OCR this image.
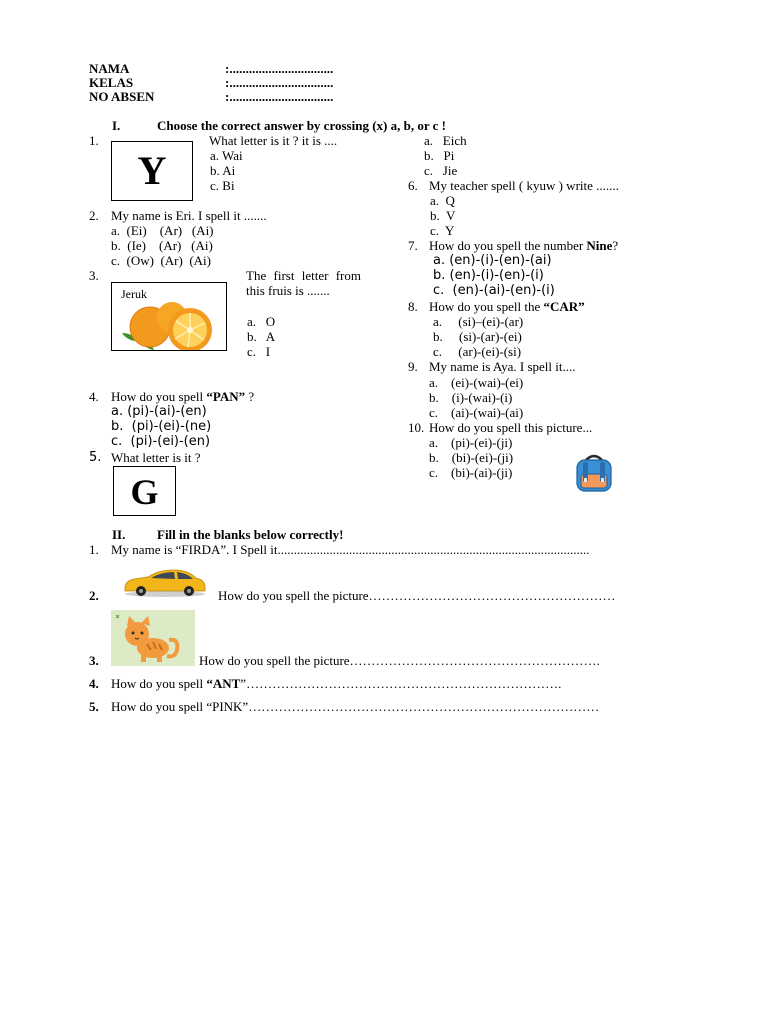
NAMA	:................................
KELAS	:................................
NO ABSEN	:................................
I.	Choose the correct answer by crossing (x) a, b, or c !
1.
Y
What letter is it ? it is ....
a. Wai
b. Ai
c. Bi
2. My name is Eri. I spell it .......
a.  (Ei)    (Ar)   (Ai)
b.  (Ie)    (Ar)   (Ai)
c.  (Ow)  (Ar)  (Ai)
3.
Jeruk
The first letter from this fruis is .......
a.   O
b.   A
c.   I
4. How do you spell “PAN” ?
a. (pi)-(ai)-(en)
b.  (pi)-(ei)-(ne)
c.  (pi)-(ei)-(en)
5. What letter is it ?
G
a.   Eich
b.   Pi
c.   Jie
6. My teacher spell ( kyuw ) write .......
a.  Q
b.  V
c.  Y
7. How do you spell the number Nine?
a. (en)-(i)-(en)-(ai)
b. (en)-(i)-(en)-(i)
c.  (en)-(ai)-(en)-(i)
8. How do you spell the “CAR”
a.     (si)–(ei)-(ar)
b.     (si)-(ar)-(ei)
c.     (ar)-(ei)-(si)
9. My name is Aya. I spell it....
a.    (ei)-(wai)-(ei)
b.    (i)-(wai)-(i)
c.    (ai)-(wai)-(ai)
10. How do you spell this picture...
a.    (pi)-(ei)-(ji)
b.    (bi)-(ei)-(ji)
c.    (bi)-(ai)-(ji)
II. Fill in the blanks below correctly!
1. My name is “FIRDA”. I Spell it................................................................................................
2.	How do you spell the picture…………………………………………………
3.	How do you spell the picture………………………………………………….
4. How do you spell “ANT”……………………………………………………………….
5. How do you spell “PINK”………………………………………………………………………
